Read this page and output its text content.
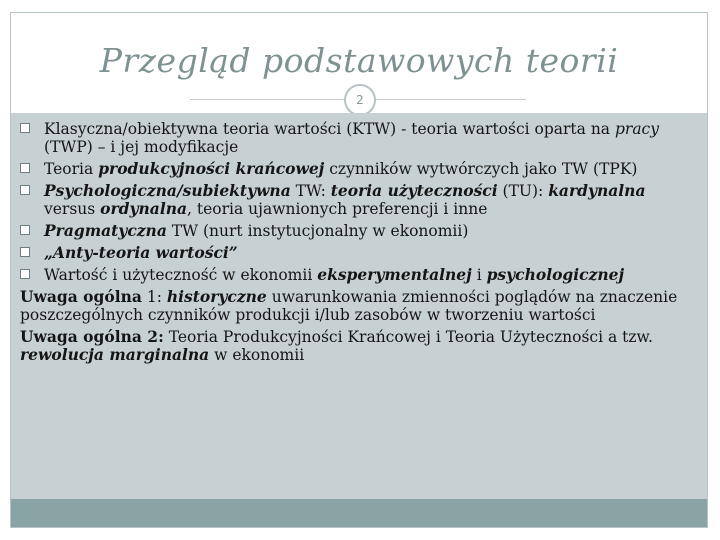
Przegląd podstawowych teorii
2
Klasyczna/obiektywna teoria wartości (KTW) - teoria wartości oparta na pracy (TWP) – i jej modyfikacje
Teoria produkcyjności krańcowej czynników wytwórczych jako TW (TPK)
Psychologiczna/subiektywna TW: teoria użyteczności (TU): kardynalna versus ordynalna, teoria ujawnionych preferencji i inne
Pragmatyczna TW (nurt instytucjonalny w ekonomii)
„Anty-teoria wartości”
Wartość i użyteczność w ekonomii eksperymentalnej i psychologicznej
Uwaga ogólna 1: historyczne uwarunkowania zmienności poglądów na znaczenie poszczególnych czynników produkcji i/lub zasobów w tworzeniu wartości
Uwaga ogólna 2: Teoria Produkcyjności Krańcowej i Teoria Użyteczności a tzw. rewolucja marginalna w ekonomii
